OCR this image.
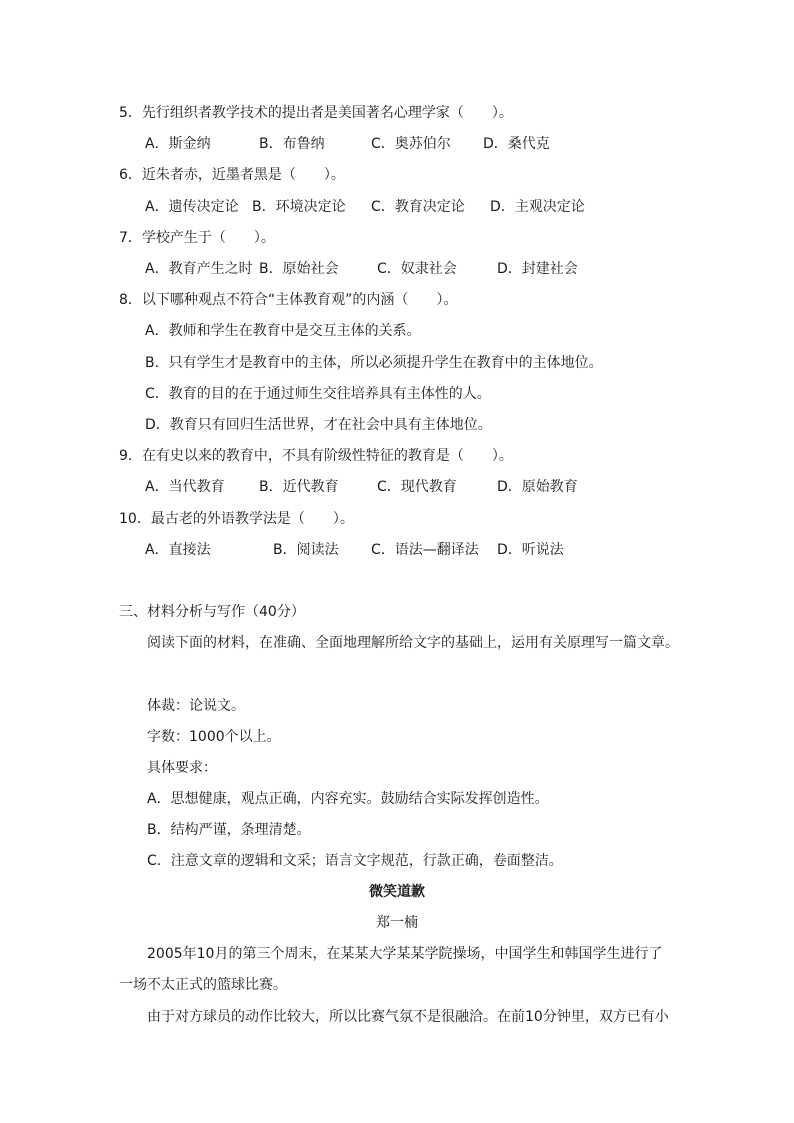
5．先行组织者教学技术的提出者是美国著名心理学家（　　）。
A．斯金纳	B．布鲁纳	C．奥苏伯尔 D．桑代克
6．近朱者赤，近墨者黑是（　　）。
A．遗传决定论 B．环境决定论 C．教育决定论 D．主观决定论
7．学校产生于（　　）。
A．教育产生之时 B．原始社会	C．奴隶社会	D．封建社会
8．以下哪种观点不符合“主体教育观”的内涵（　　）。
A．教师和学生在教育中是交互主体的关系。
B．只有学生才是教育中的主体，所以必须提升学生在教育中的主体地位。
C．教育的目的在于通过师生交往培养具有主体性的人。
D．教育只有回归生活世界，才在社会中具有主体地位。
9．在有史以来的教育中，不具有阶级性特征的教育是（　　）。
A．当代教育 B．近代教育	C．现代教育	D．原始教育
10．最古老的外语教学法是（　　）。
A．直接法	B．阅读法 C．语法—翻译法 D．听说法
三、材料分析与写作（40分）
阅读下面的材料，在准确、全面地理解所给文字的基础上，运用有关原理写一篇文章。
体裁：论说文。
字数：1000个以上。
具体要求：
A．思想健康，观点正确，内容充实。鼓励结合实际发挥创造性。
B．结构严谨，条理清楚。
C．注意文章的逻辑和文采；语言文字规范，行款正确，卷面整洁。
微笑道歉
郑一楠
2005年10月的第三个周末，在某某大学某某学院操场，中国学生和韩国学生进行了
一场不太正式的篮球比赛。
由于对方球员的动作比较大，所以比赛气氛不是很融洽。在前10分钟里，双方已有小
